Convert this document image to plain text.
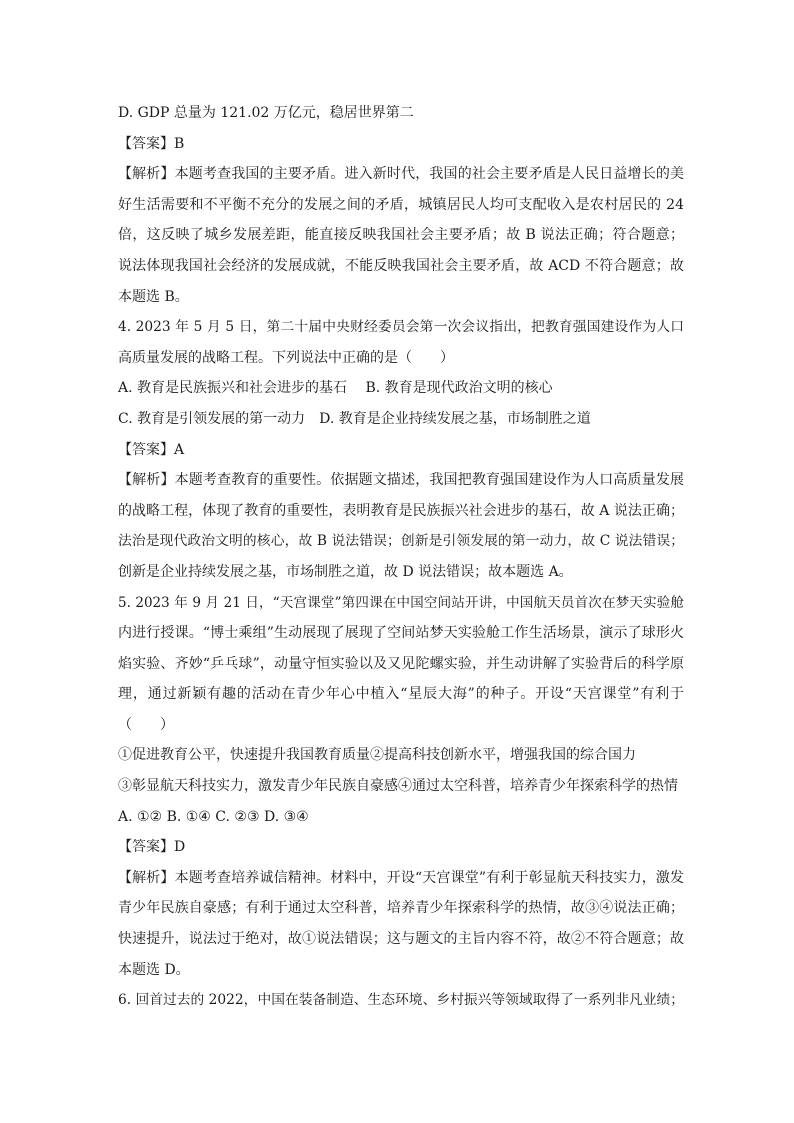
D. GDP 总量为 121.02 万亿元，稳居世界第二
【答案】B
【解析】本题考查我国的主要矛盾。进入新时代，我国的社会主要矛盾是人民日益增长的美
好生活需要和不平衡不充分的发展之间的矛盾，城镇居民人均可支配收入是农村居民的 24
倍，这反映了城乡发展差距，能直接反映我国社会主要矛盾；故 B 说法正确；符合题意；
说法体现我国社会经济的发展成就，不能反映我国社会主要矛盾，故 ACD 不符合题意；故
本题选 B。
4. 2023 年 5 月 5 日，第二十届中央财经委员会第一次会议指出，把教育强国建设作为人口
高质量发展的战略工程。下列说法中正确的是（　　）
A. 教育是民族振兴和社会进步的基石　 B. 教育是现代政治文明的核心
C. 教育是引领发展的第一动力　D. 教育是企业持续发展之基，市场制胜之道
【答案】A
【解析】本题考查教育的重要性。依据题文描述，我国把教育强国建设作为人口高质量发展
的战略工程，体现了教育的重要性，表明教育是民族振兴社会进步的基石，故 A 说法正确；
法治是现代政治文明的核心，故 B 说法错误；创新是引领发展的第一动力，故 C 说法错误；
创新是企业持续发展之基，市场制胜之道，故 D 说法错误；故本题选 A。
5. 2023 年 9 月 21 日，“天宫课堂”第四课在中国空间站开讲，中国航天员首次在梦天实验舱
内进行授课。“博士乘组”生动展现了展现了空间站梦天实验舱工作生活场景，演示了球形火
焰实验、齐妙“乒乓球”，动量守恒实验以及又见陀螺实验，并生动讲解了实验背后的科学原
理，通过新颖有趣的活动在青少年心中植入“星辰大海”的种子。开设“天宫课堂”有利于
（　　）
①促进教育公平，快速提升我国教育质量②提高科技创新水平，增强我国的综合国力
③彰显航天科技实力，激发青少年民族自豪感④通过太空科普，培养青少年探索科学的热情
A. ①② B. ①④ C. ②③ D. ③④
【答案】D
【解析】本题考查培养诚信精神。材料中，开设“天宫课堂”有利于彰显航天科技实力，激发
青少年民族自豪感；有利于通过太空科普，培养青少年探索科学的热情，故③④说法正确；
快速提升，说法过于绝对，故①说法错误；这与题文的主旨内容不符，故②不符合题意；故
本题选 D。
6. 回首过去的 2022，中国在装备制造、生态环境、乡村振兴等领域取得了一系列非凡业绩；
